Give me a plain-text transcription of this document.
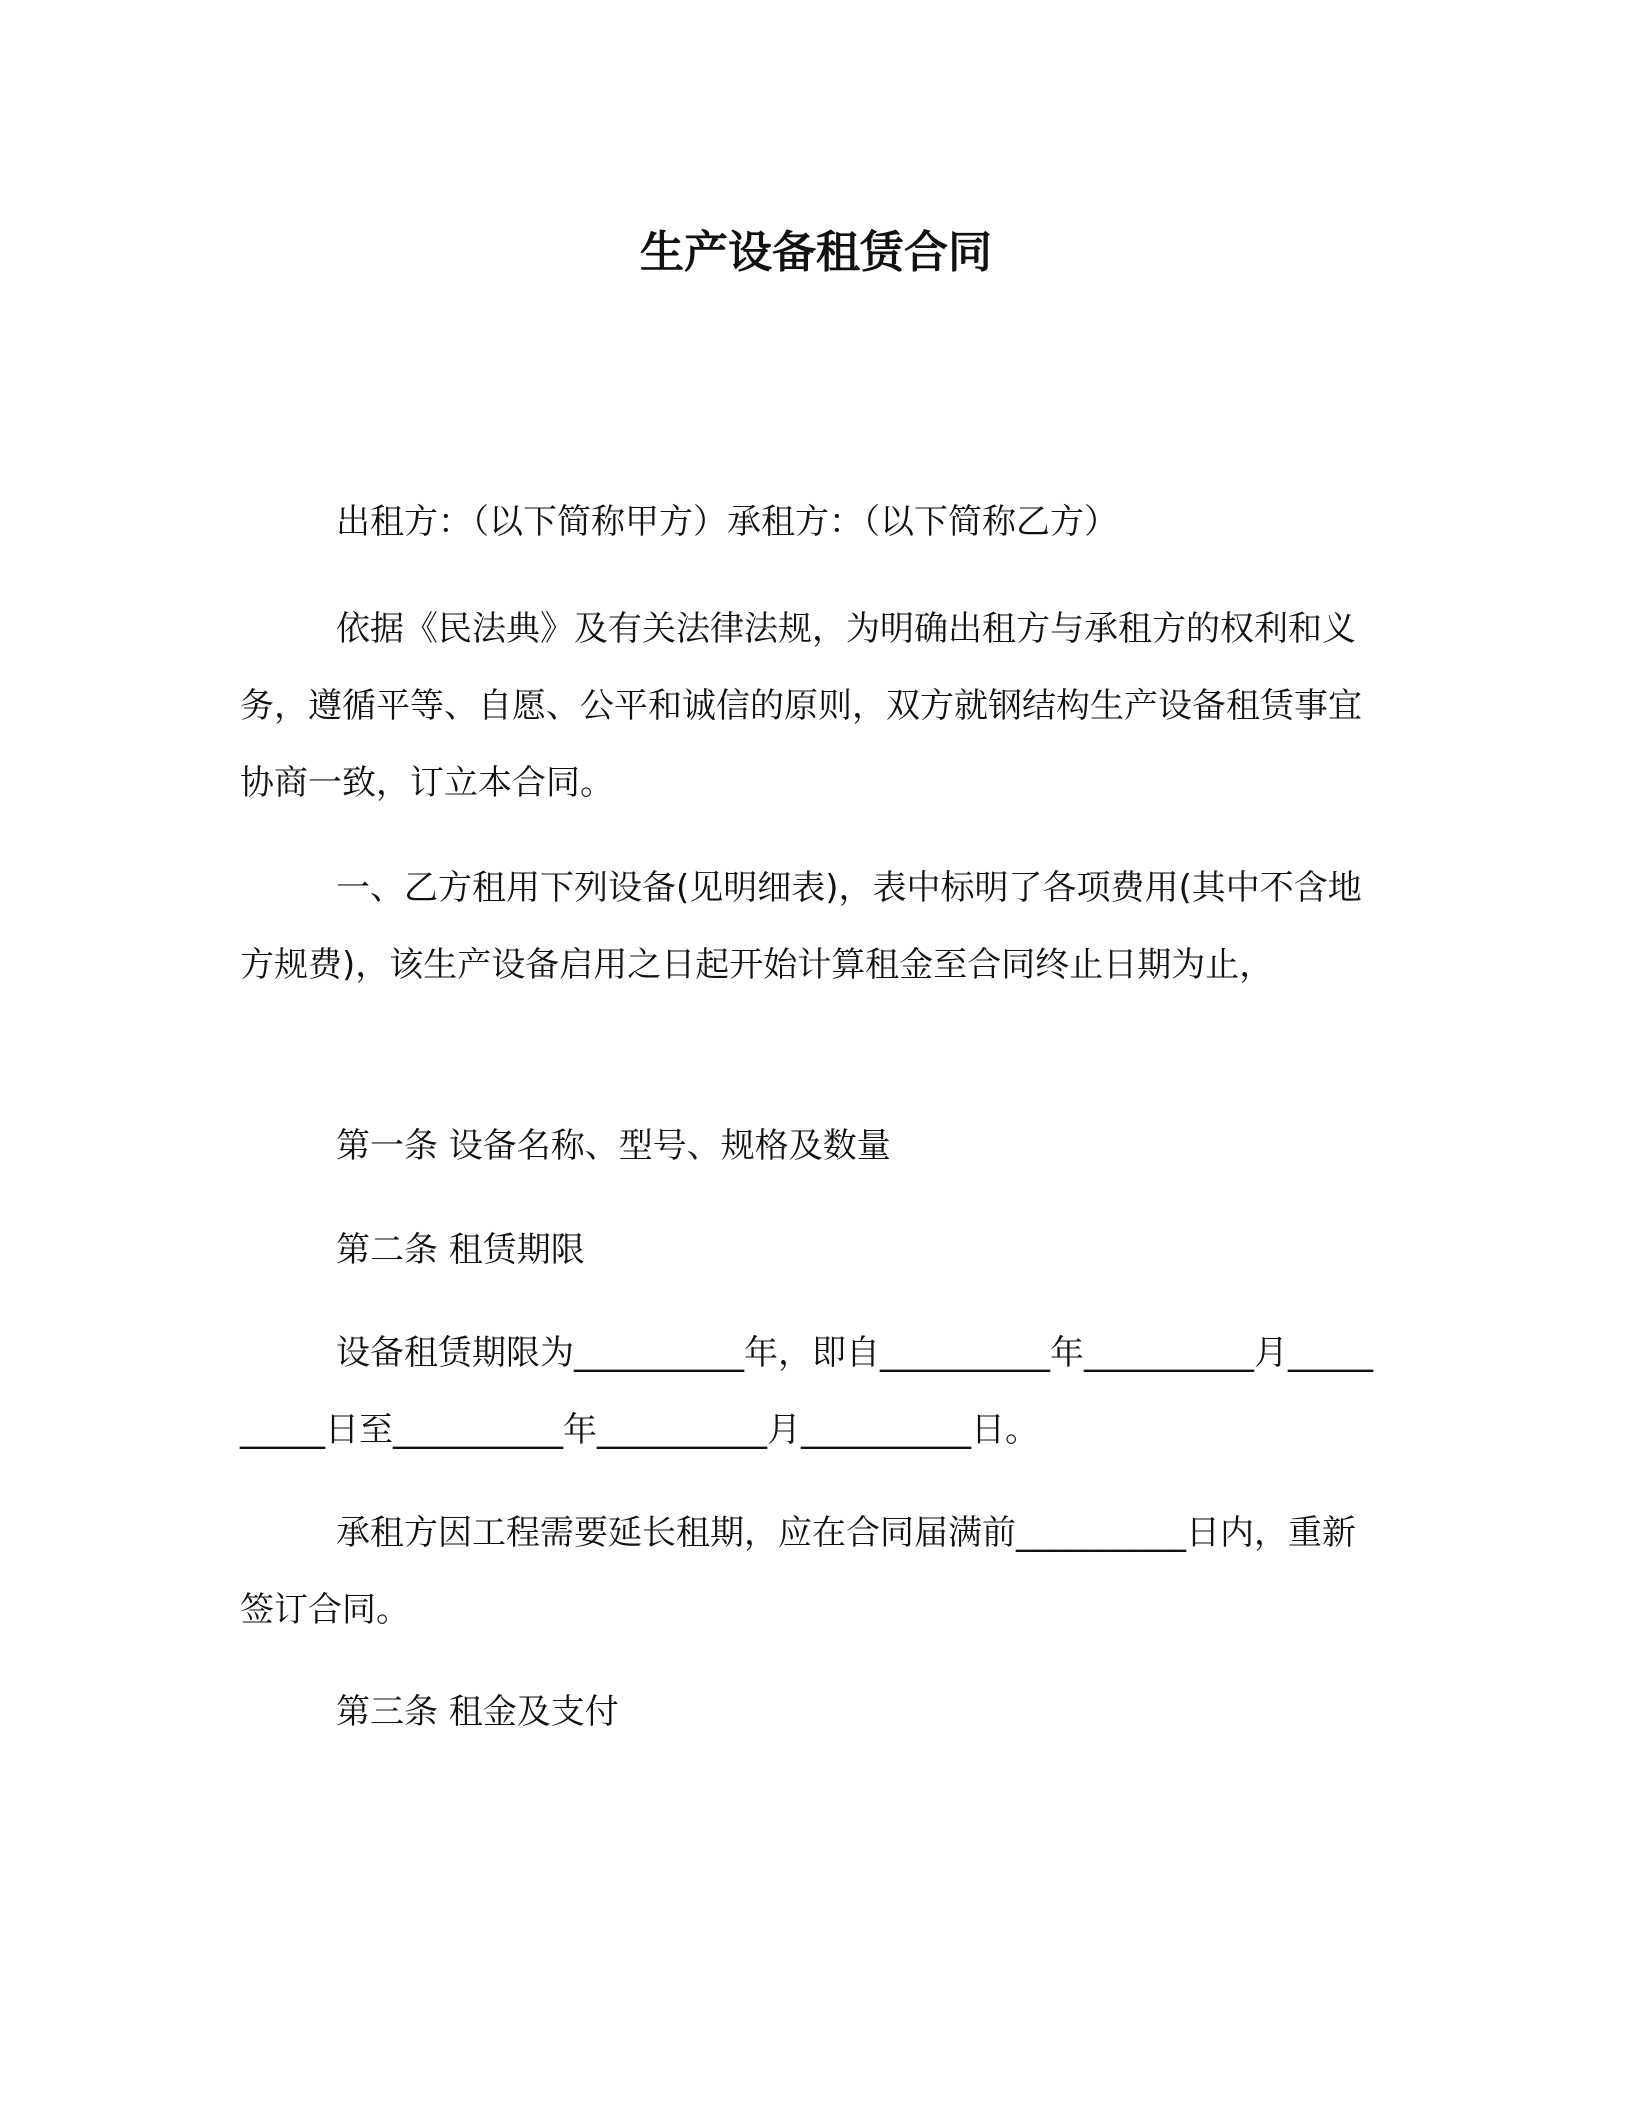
生产设备租赁合同

出租方：（以下简称甲方）承租方：（以下简称乙方）

依据《民法典》及有关法律法规，为明确出租方与承租方的权利和义务，遵循平等、自愿、公平和诚信的原则，双方就钢结构生产设备租赁事宜协商一致，订立本合同。

一、乙方租用下列设备(见明细表)，表中标明了各项费用(其中不含地方规费)，该生产设备启用之日起开始计算租金至合同终止日期为止，

第一条 设备名称、型号、规格及数量

第二条 租赁期限

设备租赁期限为__________年，即自__________年__________月__________日至__________年__________月__________日。

承租方因工程需要延长租期，应在合同届满前__________日内，重新签订合同。

第三条 租金及支付
